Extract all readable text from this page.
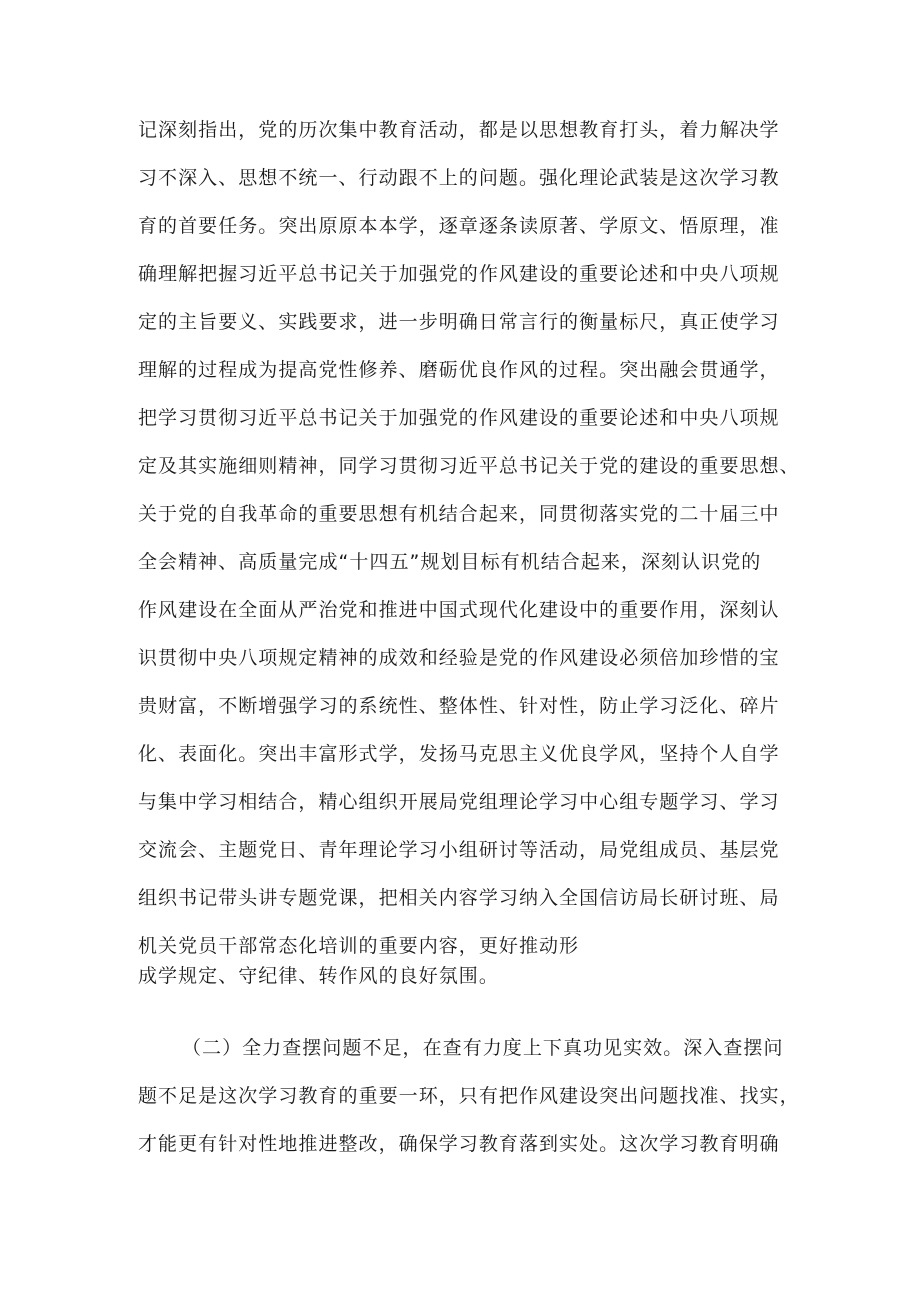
记深刻指出，党的历次集中教育活动，都是以思想教育打头，着力解决学

习不深入、思想不统一、行动跟不上的问题。强化理论武装是这次学习教

育的首要任务。突出原原本本学，逐章逐条读原著、学原文、悟原理，准

确理解把握习近平总书记关于加强党的作风建设的重要论述和中央八项规

定的主旨要义、实践要求，进一步明确日常言行的衡量标尺，真正使学习

理解的过程成为提高党性修养、磨砺优良作风的过程。突出融会贯通学，

把学习贯彻习近平总书记关于加强党的作风建设的重要论述和中央八项规

定及其实施细则精神，同学习贯彻习近平总书记关于党的建设的重要思想、

关于党的自我革命的重要思想有机结合起来，同贯彻落实党的二十届三中

全会精神、高质量完成“十四五”规划目标有机结合起来，深刻认识党的

作风建设在全面从严治党和推进中国式现代化建设中的重要作用，深刻认

识贯彻中央八项规定精神的成效和经验是党的作风建设必须倍加珍惜的宝

贵财富，不断增强学习的系统性、整体性、针对性，防止学习泛化、碎片

化、表面化。突出丰富形式学，发扬马克思主义优良学风，坚持个人自学

与集中学习相结合，精心组织开展局党组理论学习中心组专题学习、学习

交流会、主题党日、青年理论学习小组研讨等活动，局党组成员、基层党

组织书记带头讲专题党课，把相关内容学习纳入全国信访局长研讨班、局

机关党员干部常态化培训的重要内容，更好推动形

成学规定、守纪律、转作风的良好氛围。

（二）全力查摆问题不足，在查有力度上下真功见实效。深入查摆问

题不足是这次学习教育的重要一环，只有把作风建设突出问题找准、找实，

才能更有针对性地推进整改，确保学习教育落到实处。这次学习教育明确
